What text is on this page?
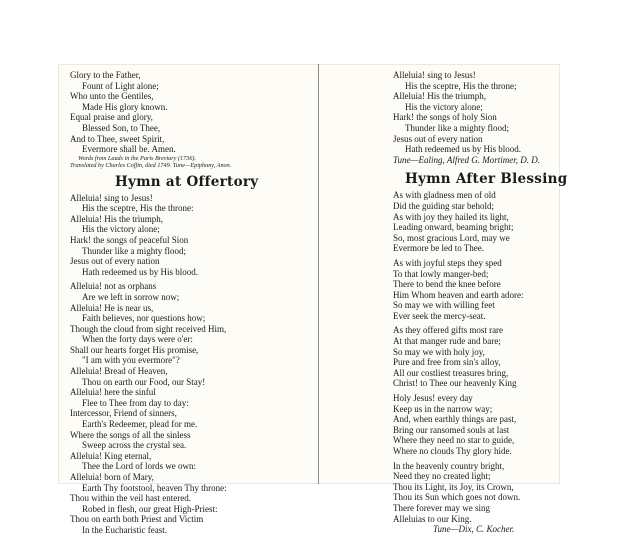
Glory to the Father,
Fount of Light alone;
Who unto the Gentiles,
Made His glory known.
Equal praise and glory,
Blessed Son, to Thee,
And to Thee, sweet Spirit,
Evermore shall be. Amen.
Words from Lauds in the Paris Breviary (1736).
Translated by Charles Coffin, died 1749. Tune—Epiphany, Anon.
Hymn at Offertory
Alleluia! sing to Jesus!
His the sceptre, His the throne:
Alleluia! His the triumph,
His the victory alone;
Hark! the songs of peaceful Sion
Thunder like a mighty flood;
Jesus out of every nation
Hath redeemed us by His blood.
Alleluia! not as orphans
Are we left in sorrow now;
Alleluia! He is near us,
Faith believes, nor questions how;
Though the cloud from sight received Him,
When the forty days were o'er:
Shall our hearts forget His promise,
"I am with you evermore"?
Alleluia! Bread of Heaven,
Thou on earth our Food, our Stay!
Alleluia! here the sinful
Flee to Thee from day to day:
Intercessor, Friend of sinners,
Earth's Redeemer, plead for me.
Where the songs of all the sinless
Sweep across the crystal sea.
Alleluia! King eternal,
Thee the Lord of lords we own:
Alleluia! born of Mary,
Earth Thy footstool, heaven Thy throne:
Thou within the veil hast entered.
Robed in flesh, our great High-Priest:
Thou on earth both Priest and Victim
In the Eucharistic feast.
Alleluia! sing to Jesus!
His the sceptre, His the throne;
Alleluia! His the triumph,
His the victory alone;
Hark! the songs of holy Sion
Thunder like a mighty flood;
Jesus out of every nation
Hath redeemed us by His blood.
Tune—Ealing, Alfred G. Mortimer, D. D.
Hymn After Blessing
As with gladness men of old
Did the guiding star behold;
As with joy they hailed its light,
Leading onward, beaming bright;
So, most gracious Lord, may we
Evermore be led to Thee.
As with joyful steps they sped
To that lowly manger-bed;
There to bend the knee before
Him Whom heaven and earth adore:
So may we with willing feet
Ever seek the mercy-seat.
As they offered gifts most rare
At that manger rude and bare;
So may we with holy joy,
Pure and free from sin's alloy,
All our costliest treasures bring,
Christ! to Thee our heavenly King
Holy Jesus! every day
Keep us in the narrow way;
And, when earthly things are past,
Bring our ransomed souls at last
Where they need no star to guide,
Where no clouds Thy glory hide.
In the heavenly country bright,
Need they no created light;
Thou its Light, its Joy, its Crown,
Thou its Sun which goes not down.
There forever may we sing
Alleluias to our King.
Tune—Dix, C. Kocher.
